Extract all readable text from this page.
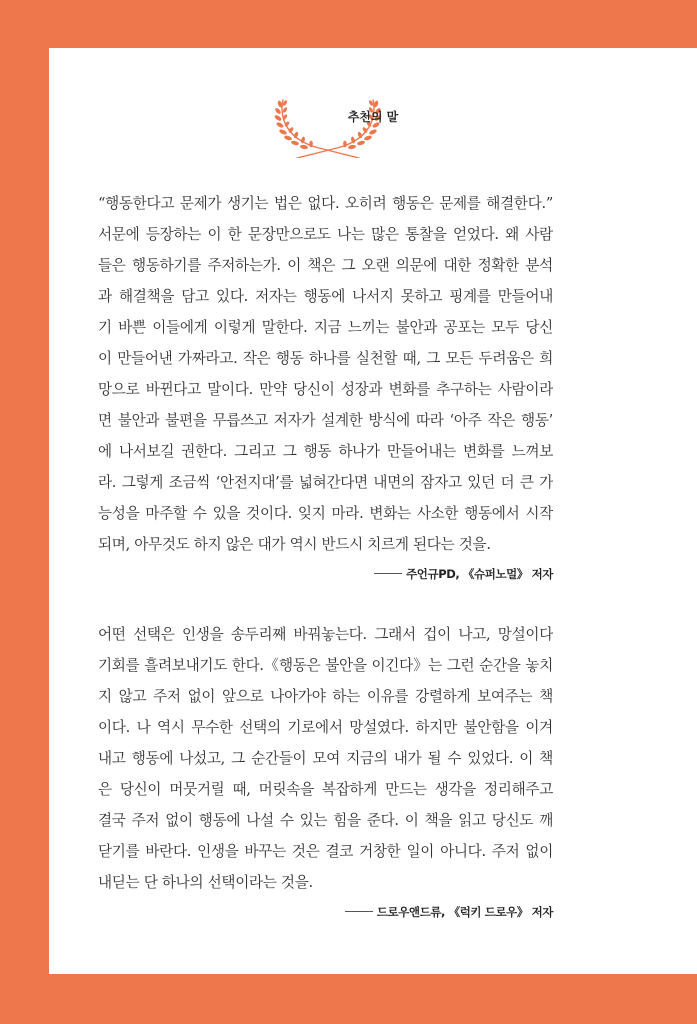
추천의 말

“행동한다고 문제가 생기는 법은 없다. 오히려 행동은 문제를 해결한다.”
서문에 등장하는 이 한 문장만으로도 나는 많은 통찰을 얻었다. 왜 사람
들은 행동하기를 주저하는가. 이 책은 그 오랜 의문에 대한 정확한 분석
과 해결책을 담고 있다. 저자는 행동에 나서지 못하고 핑계를 만들어내
기 바쁜 이들에게 이렇게 말한다. 지금 느끼는 불안과 공포는 모두 당신
이 만들어낸 가짜라고. 작은 행동 하나를 실천할 때, 그 모든 두려움은 희
망으로 바뀐다고 말이다. 만약 당신이 성장과 변화를 추구하는 사람이라
면 불안과 불편을 무릅쓰고 저자가 설계한 방식에 따라 ‘아주 작은 행동’
에 나서보길 권한다. 그리고 그 행동 하나가 만들어내는 변화를 느껴보
라. 그렇게 조금씩 ‘안전지대’를 넓혀간다면 내면의 잠자고 있던 더 큰 가
능성을 마주할 수 있을 것이다. 잊지 마라. 변화는 사소한 행동에서 시작
되며, 아무것도 하지 않은 대가 역시 반드시 치르게 된다는 것을.

주언규PD, 《슈퍼노멀》 저자

어떤 선택은 인생을 송두리째 바꿔놓는다. 그래서 겁이 나고, 망설이다
기회를 흘려보내기도 한다.《행동은 불안을 이긴다》는 그런 순간을 놓치
지 않고 주저 없이 앞으로 나아가야 하는 이유를 강렬하게 보여주는 책
이다. 나 역시 무수한 선택의 기로에서 망설였다. 하지만 불안함을 이겨
내고 행동에 나섰고, 그 순간들이 모여 지금의 내가 될 수 있었다. 이 책
은 당신이 머뭇거릴 때, 머릿속을 복잡하게 만드는 생각을 정리해주고
결국 주저 없이 행동에 나설 수 있는 힘을 준다. 이 책을 읽고 당신도 깨
닫기를 바란다. 인생을 바꾸는 것은 결코 거창한 일이 아니다. 주저 없이
내딛는 단 하나의 선택이라는 것을.

드로우앤드류, 《럭키 드로우》 저자
